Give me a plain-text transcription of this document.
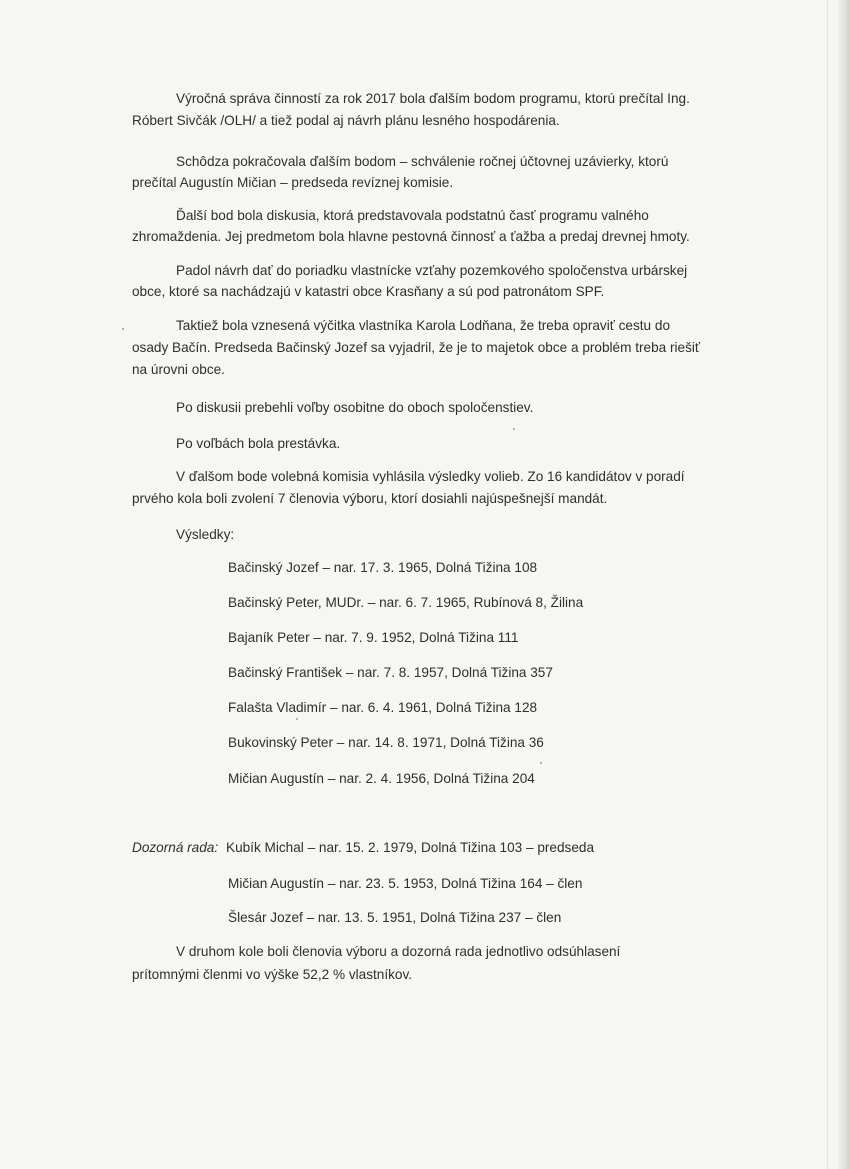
Výročná správa činností za rok 2017 bola ďalším bodom programu, ktorú prečítal Ing.
Róbert Sivčák /OLH/ a tiež podal aj návrh plánu lesného hospodárenia.
Schôdza pokračovala ďalším bodom – schválenie ročnej účtovnej uzávierky, ktorú
prečítal Augustín Mičian – predseda revíznej komisie.
Ďalší bod bola diskusia, ktorá predstavovala podstatnú časť programu valného
zhromaždenia. Jej predmetom bola hlavne pestovná činnosť a ťažba a predaj drevnej hmoty.
Padol návrh dať do poriadku vlastnícke vzťahy pozemkového spoločenstva urbárskej
obce, ktoré sa nachádzajú v katastri obce Krasňany a sú pod patronátom SPF.
Taktiež bola vznesená výčitka vlastníka Karola Lodňana, že treba opraviť cestu do
osady Bačín. Predseda Bačinský Jozef sa vyjadril, že je to majetok obce a problém treba riešiť
na úrovni obce.
Po diskusii prebehli voľby osobitne do oboch spoločenstiev.
Po voľbách bola prestávka.
V ďalšom bode volebná komisia vyhlásila výsledky volieb. Zo 16 kandidátov v poradí
prvého kola boli zvolení 7 členovia výboru, ktorí dosiahli najúspešnejší mandát.
Výsledky:
Bačinský Jozef – nar. 17. 3. 1965, Dolná Tižina 108
Bačinský Peter, MUDr. – nar. 6. 7. 1965, Rubínová 8, Žilina
Bajaník Peter – nar. 7. 9. 1952, Dolná Tižina 111
Bačinský František – nar. 7. 8. 1957, Dolná Tižina 357
Falašta Vladimír – nar. 6. 4. 1961, Dolná Tižina 128
Bukovinský Peter – nar. 14. 8. 1971, Dolná Tižina 36
Mičian Augustín – nar. 2. 4. 1956, Dolná Tižina 204
Dozorná rada: Kubík Michal – nar. 15. 2. 1979, Dolná Tižina 103 – predseda
Mičian Augustín – nar. 23. 5. 1953, Dolná Tižina 164 – člen
Šlesár Jozef – nar. 13. 5. 1951, Dolná Tižina 237 – člen
V druhom kole boli členovia výboru a dozorná rada jednotlivo odsúhlasení
prítomnými členmi vo výške 52,2 % vlastníkov.
